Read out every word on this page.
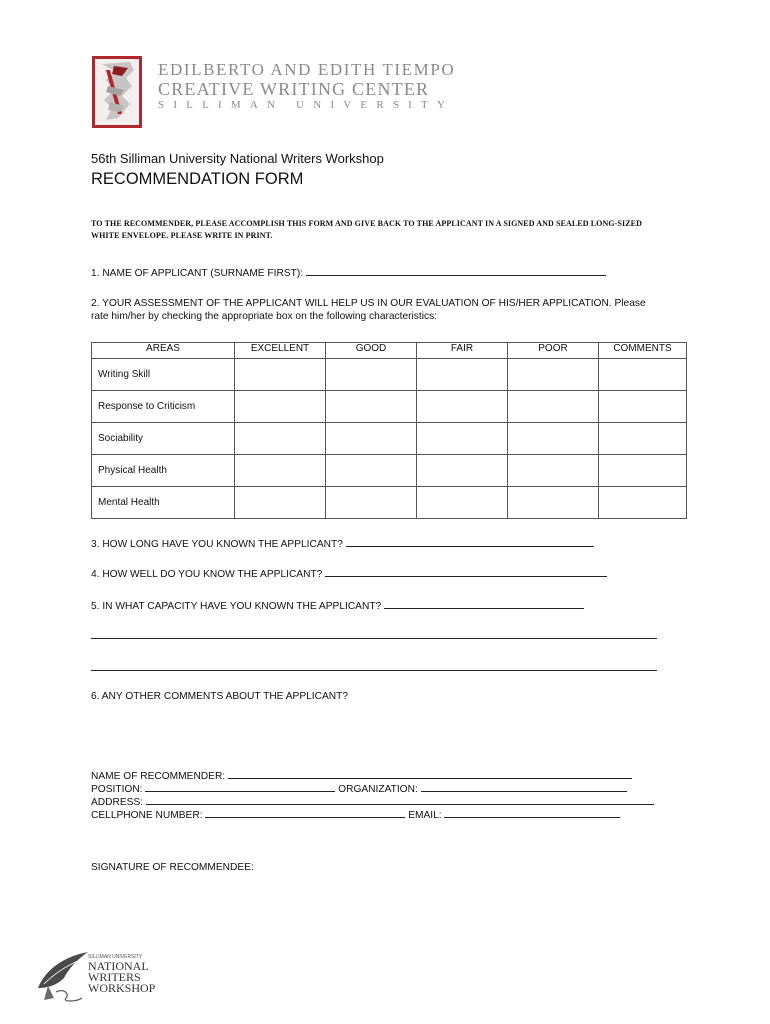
EDILBERTO AND EDITH TIEMPO
CREATIVE WRITING CENTER
SILLIMAN UNIVERSITY
56th Silliman University National Writers Workshop
RECOMMENDATION FORM
TO THE RECOMMENDER, PLEASE ACCOMPLISH THIS FORM AND GIVE BACK TO THE APPLICANT IN A SIGNED AND SEALED LONG-SIZED WHITE ENVELOPE. PLEASE WRITE IN PRINT.
1. NAME OF APPLICANT (SURNAME FIRST):
2. YOUR ASSESSMENT OF THE APPLICANT WILL HELP US IN OUR EVALUATION OF HIS/HER APPLICATION. Please rate him/her by checking the appropriate box on the following characteristics:
AREAS	EXCELLENT	GOOD	FAIR	POOR	COMMENTS
Writing Skill					
Response to Criticism					
Sociability					
Physical Health					
Mental Health					
3. HOW LONG HAVE YOU KNOWN THE APPLICANT?
4. HOW WELL DO YOU KNOW THE APPLICANT?
5. IN WHAT CAPACITY HAVE YOU KNOWN THE APPLICANT?
6. ANY OTHER COMMENTS ABOUT THE APPLICANT?
NAME OF RECOMMENDER:
POSITION:	ORGANIZATION:
ADDRESS:
CELLPHONE NUMBER:	EMAIL:
SIGNATURE OF RECOMMENDEE:
SILLIMAN UNIVERSITY
NATIONAL
WRITERS
WORKSHOP
